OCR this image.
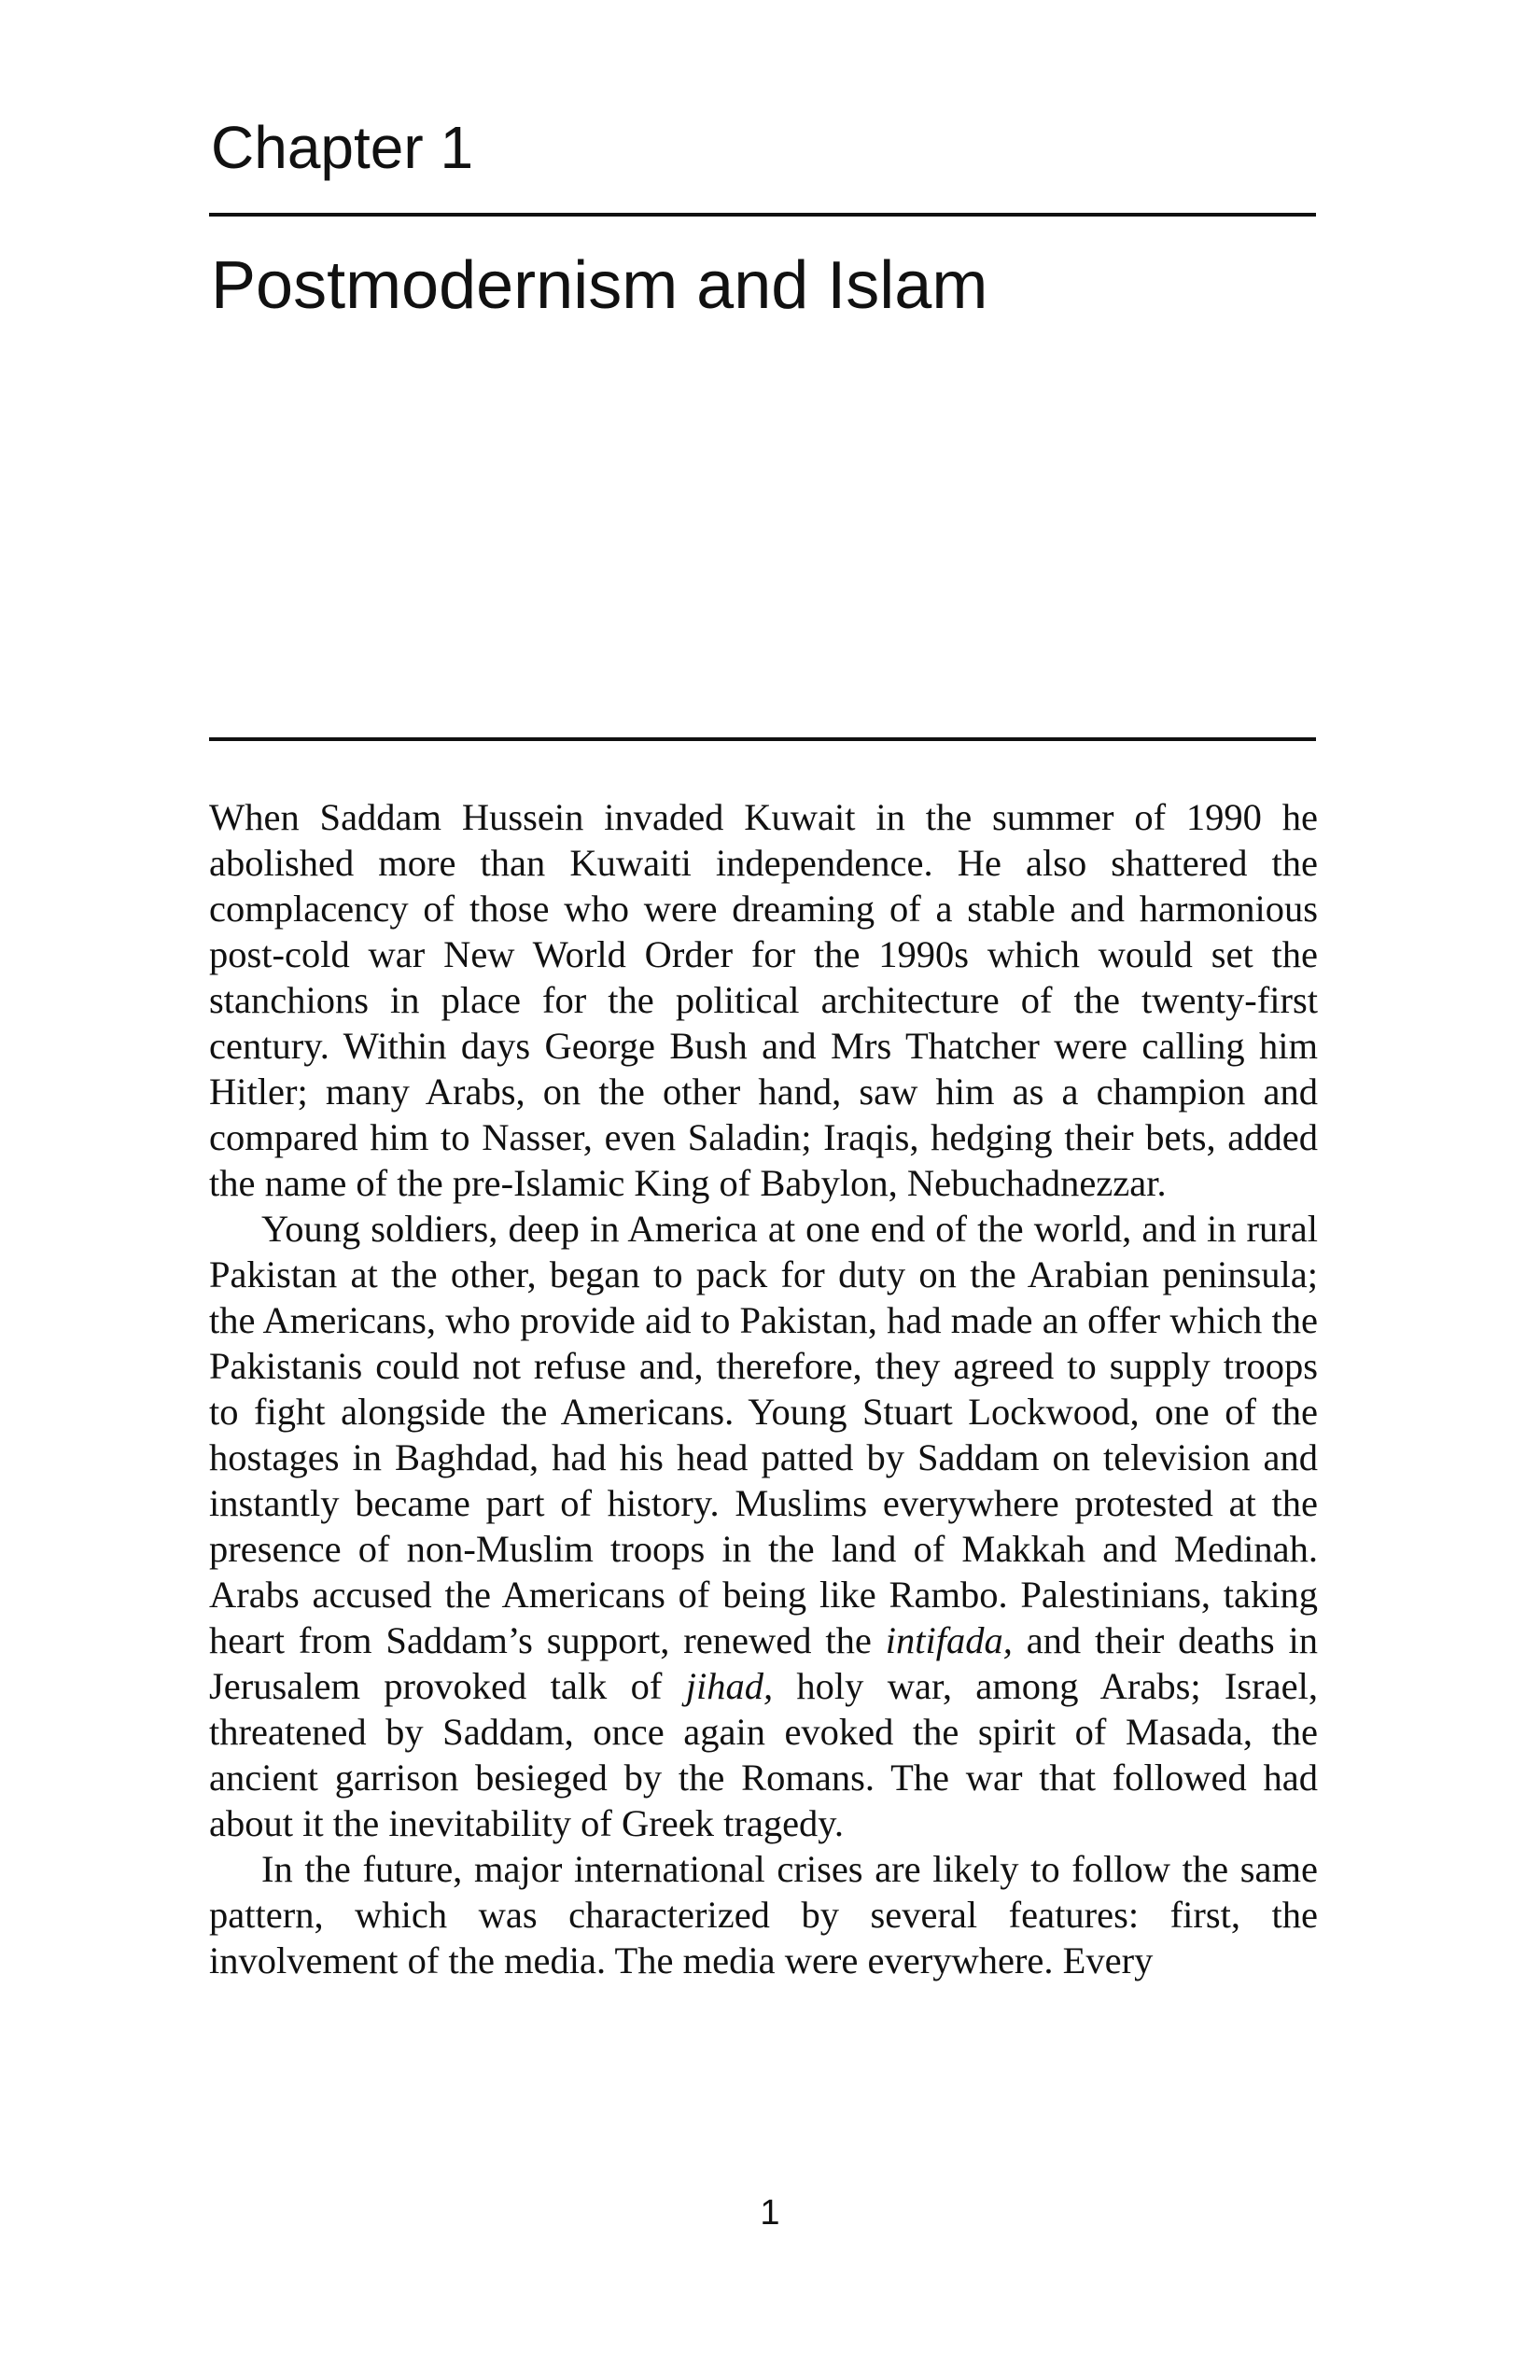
Chapter 1
Postmodernism and Islam

When Saddam Hussein invaded Kuwait in the summer of 1990 he abolished more than Kuwaiti independence. He also shattered the complacency of those who were dreaming of a stable and harmonious post-cold war New World Order for the 1990s which would set the stanchions in place for the political architecture of the twenty-first century. Within days George Bush and Mrs Thatcher were calling him Hitler; many Arabs, on the other hand, saw him as a champion and compared him to Nasser, even Saladin; Iraqis, hedging their bets, added the name of the pre-Islamic King of Babylon, Nebuchadnezzar.

Young soldiers, deep in America at one end of the world, and in rural Pakistan at the other, began to pack for duty on the Arabian peninsula; the Americans, who provide aid to Pakistan, had made an offer which the Pakistanis could not refuse and, therefore, they agreed to supply troops to fight alongside the Americans. Young Stuart Lockwood, one of the hostages in Baghdad, had his head patted by Saddam on television and instantly became part of history. Muslims everywhere protested at the presence of non-Muslim troops in the land of Makkah and Medinah. Arabs accused the Americans of being like Rambo. Palestinians, taking heart from Saddam’s support, renewed the intifada, and their deaths in Jerusalem provoked talk of jihad, holy war, among Arabs; Israel, threatened by Saddam, once again evoked the spirit of Masada, the ancient garrison besieged by the Romans. The war that followed had about it the inevitability of Greek tragedy.

In the future, major international crises are likely to follow the same pattern, which was characterized by several features: first, the involvement of the media. The media were everywhere. Every

1
